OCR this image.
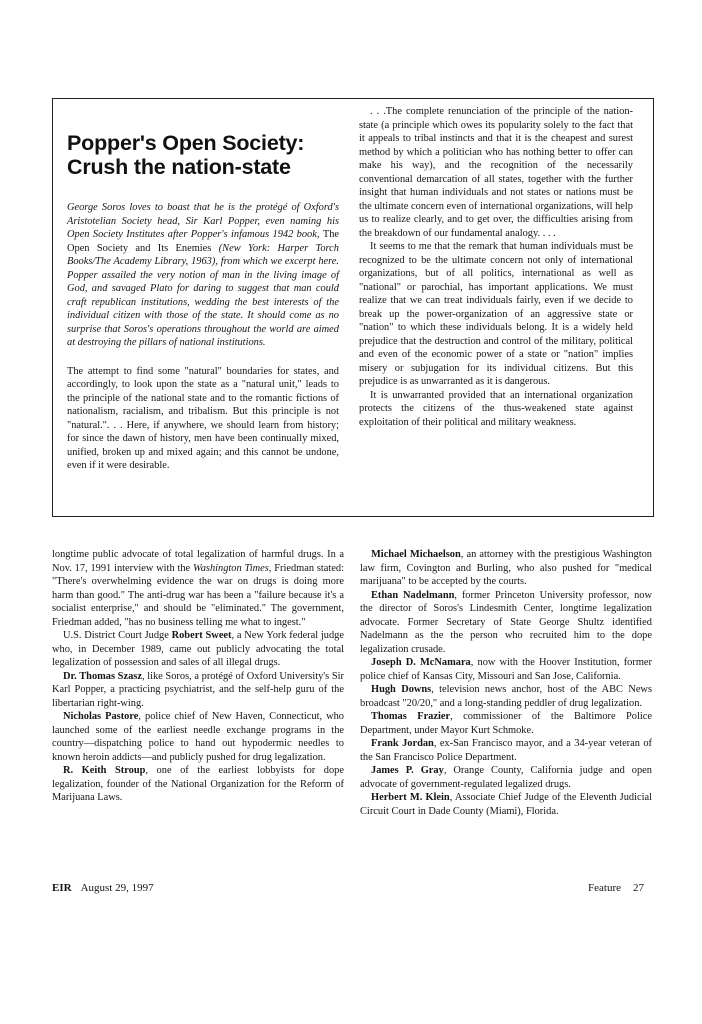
Popper's Open Society:
Crush the nation-state

George Soros loves to boast that he is the protégé of Oxford's Aristotelian Society head, Sir Karl Popper, even naming his Open Society Institutes after Popper's infamous 1942 book, The Open Society and Its Enemies (New York: Harper Torch Books/The Academy Library, 1963), from which we excerpt here. Popper assailed the very notion of man in the living image of God, and savaged Plato for daring to suggest that man could craft republican institutions, wedding the best interests of the individual citizen with those of the state. It should come as no surprise that Soros's operations throughout the world are aimed at destroying the pillars of national institutions.

The attempt to find some "natural" boundaries for states, and accordingly, to look upon the state as a "natural unit," leads to the principle of the national state and to the romantic fictions of nationalism, racialism, and tribalism. But this principle is not "natural.". . . Here, if anywhere, we should learn from history; for since the dawn of history, men have been continually mixed, unified, broken up and mixed again; and this cannot be undone, even if it were desirable.

. . .The complete renunciation of the principle of the nation-state (a principle which owes its popularity solely to the fact that it appeals to tribal instincts and that it is the cheapest and surest method by which a politician who has nothing better to offer can make his way), and the recognition of the necessarily conventional demarcation of all states, together with the further insight that human individuals and not states or nations must be the ultimate concern even of international organizations, will help us to realize clearly, and to get over, the difficulties arising from the breakdown of our fundamental analogy. . . .

It seems to me that the remark that human individuals must be recognized to be the ultimate concern not only of international organizations, but of all politics, international as well as "national" or parochial, has important applications. We must realize that we can treat individuals fairly, even if we decide to break up the power-organization of an aggressive state or "nation" to which these individuals belong. It is a widely held prejudice that the destruction and control of the military, political and even of the economic power of a state or "nation" implies misery or subjugation for its individual citizens. But this prejudice is as unwarranted as it is dangerous.

It is unwarranted provided that an international organization protects the citizens of the thus-weakened state against exploitation of their political and military weakness.

longtime public advocate of total legalization of harmful drugs. In a Nov. 17, 1991 interview with the Washington Times, Friedman stated: "There's overwhelming evidence the war on drugs is doing more harm than good." The anti-drug war has been a "failure because it's a socialist enterprise," and should be "eliminated." The government, Friedman added, "has no business telling me what to ingest."

U.S. District Court Judge Robert Sweet, a New York federal judge who, in December 1989, came out publicly advocating the total legalization of possession and sales of all illegal drugs.

Dr. Thomas Szasz, like Soros, a protégé of Oxford University's Sir Karl Popper, a practicing psychiatrist, and the self-help guru of the libertarian right-wing.

Nicholas Pastore, police chief of New Haven, Connecticut, who launched some of the earliest needle exchange programs in the country—dispatching police to hand out hypodermic needles to known heroin addicts—and publicly pushed for drug legalization.

R. Keith Stroup, one of the earliest lobbyists for dope legalization, founder of the National Organization for the Reform of Marijuana Laws.

Michael Michaelson, an attorney with the prestigious Washington law firm, Covington and Burling, who also pushed for "medical marijuana" to be accepted by the courts.

Ethan Nadelmann, former Princeton University professor, now the director of Soros's Lindesmith Center, longtime legalization advocate. Former Secretary of State George Shultz identified Nadelmann as the the person who recruited him to the dope legalization crusade.

Joseph D. McNamara, now with the Hoover Institution, former police chief of Kansas City, Missouri and San Jose, California.

Hugh Downs, television news anchor, host of the ABC News broadcast "20/20," and a long-standing peddler of drug legalization.

Thomas Frazier, commissioner of the Baltimore Police Department, under Mayor Kurt Schmoke.

Frank Jordan, ex-San Francisco mayor, and a 34-year veteran of the San Francisco Police Department.

James P. Gray, Orange County, California judge and open advocate of government-regulated legalized drugs.

Herbert M. Klein, Associate Chief Judge of the Eleventh Judicial Circuit Court in Dade County (Miami), Florida.

EIR August 29, 1997	Feature 27
